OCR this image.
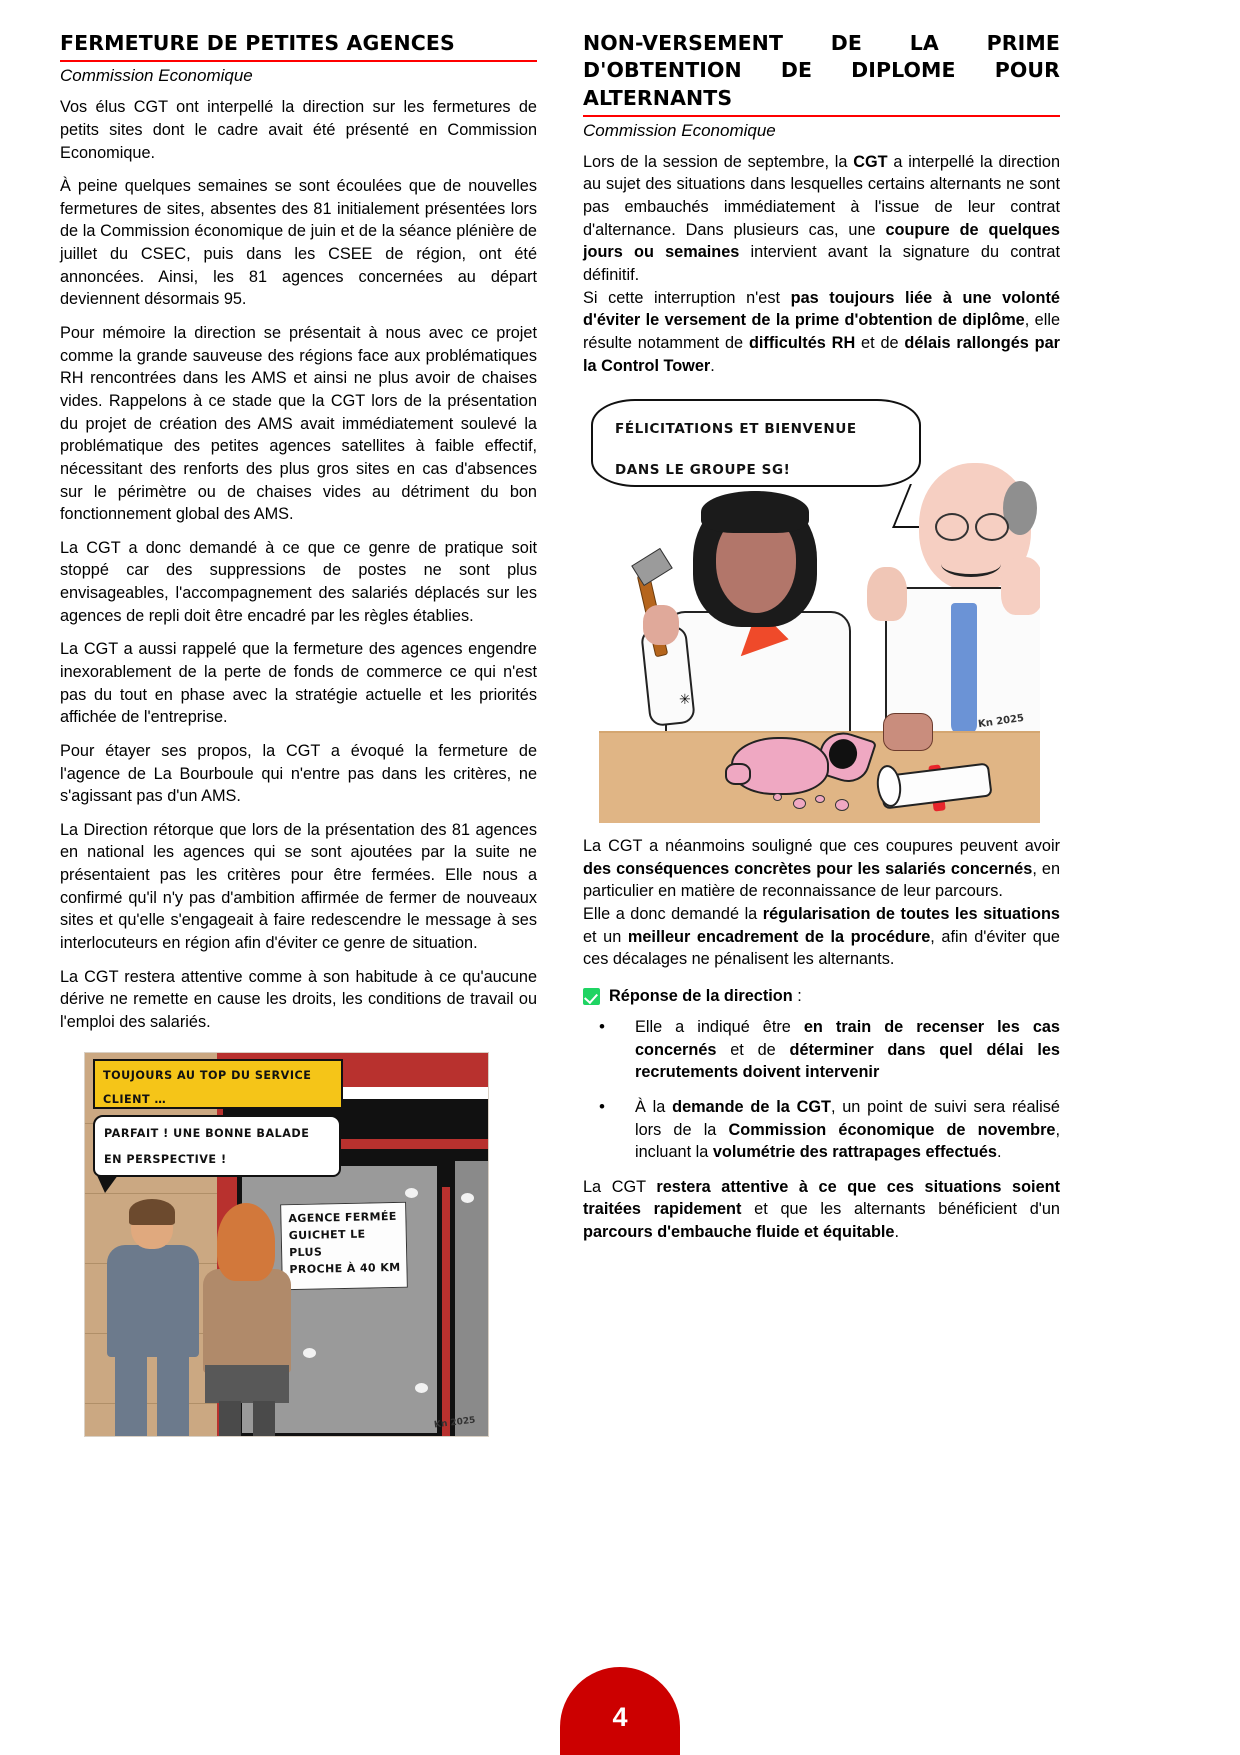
FERMETURE DE PETITES AGENCES
Commission Economique

Vos élus CGT ont interpellé la direction sur les fermetures de petits sites dont le cadre avait été présenté en Commission Economique.

À peine quelques semaines se sont écoulées que de nouvelles fermetures de sites, absentes des 81 initialement présentées lors de la Commission économique de juin et de la séance plénière de juillet du CSEC, puis dans les CSEE de région, ont été annoncées. Ainsi, les 81 agences concernées au départ deviennent désormais 95.

Pour mémoire la direction se présentait à nous avec ce projet comme la grande sauveuse des régions face aux problématiques RH rencontrées dans les AMS et ainsi ne plus avoir de chaises vides. Rappelons à ce stade que la CGT lors de la présentation du projet de création des AMS avait immédiatement soulevé la problématique des petites agences satellites à faible effectif, nécessitant des renforts des plus gros sites en cas d'absences sur le périmètre ou de chaises vides au détriment du bon fonctionnement global des AMS.

La CGT a donc demandé à ce que ce genre de pratique soit stoppé car des suppressions de postes ne sont plus envisageables, l'accompagnement des salariés déplacés sur les agences de repli doit être encadré par les règles établies.

La CGT a aussi rappelé que la fermeture des agences engendre inexorablement de la perte de fonds de commerce ce qui n'est pas du tout en phase avec la stratégie actuelle et les priorités affichée de l'entreprise.

Pour étayer ses propos, la CGT a évoqué la fermeture de l'agence de La Bourboule qui n'entre pas dans les critères, ne s'agissant pas d'un AMS.

La Direction rétorque que lors de la présentation des 81 agences en national les agences qui se sont ajoutées par la suite ne présentaient pas les critères pour être fermées. Elle nous a confirmé qu'il n'y pas d'ambition affirmée de fermer de nouveaux sites et qu'elle s'engageait à faire redescendre le message à ses interlocuteurs en région afin d'éviter ce genre de situation.

La CGT restera attentive comme à son habitude à ce qu'aucune dérive ne remette en cause les droits, les conditions de travail ou l'emploi des salariés.

AGENCE FERMÉE
GUICHET LE PLUS
PROCHE À 40 KM
TOUJOURS AU TOP DU SERVICE
CLIENT …
PARFAIT ! UNE BONNE BALADE
EN PERSPECTIVE !
Kn 2025
NON-VERSEMENT DE LA PRIME D'OBTENTION DE DIPLOME POUR ALTERNANTS
Commission Economique

Lors de la session de septembre, la CGT a interpellé la direction au sujet des situations dans lesquelles certains alternants ne sont pas embauchés immédiatement à l'issue de leur contrat d'alternance. Dans plusieurs cas, une coupure de quelques jours ou semaines intervient avant la signature du contrat définitif.

Si cette interruption n'est pas toujours liée à une volonté d'éviter le versement de la prime d'obtention de diplôme, elle résulte notamment de difficultés RH et de délais rallongés par la Control Tower.

FÉLICITATIONS ET BIENVENUE
DANS LE GROUPE SG!
✳
Kn 2025

La CGT a néanmoins souligné que ces coupures peuvent avoir des conséquences concrètes pour les salariés concernés, en particulier en matière de reconnaissance de leur parcours.

Elle a donc demandé la régularisation de toutes les situations et un meilleur encadrement de la procédure, afin d'éviter que ces décalages ne pénalisent les alternants.

Réponse de la direction :
• Elle a indiqué être en train de recenser les cas concernés et de déterminer dans quel délai les recrutements doivent intervenir
• À la demande de la CGT, un point de suivi sera réalisé lors de la Commission économique de novembre, incluant la volumétrie des rattrapages effectués.

La CGT restera attentive à ce que ces situations soient traitées rapidement et que les alternants bénéficient d'un parcours d'embauche fluide et équitable.

4
